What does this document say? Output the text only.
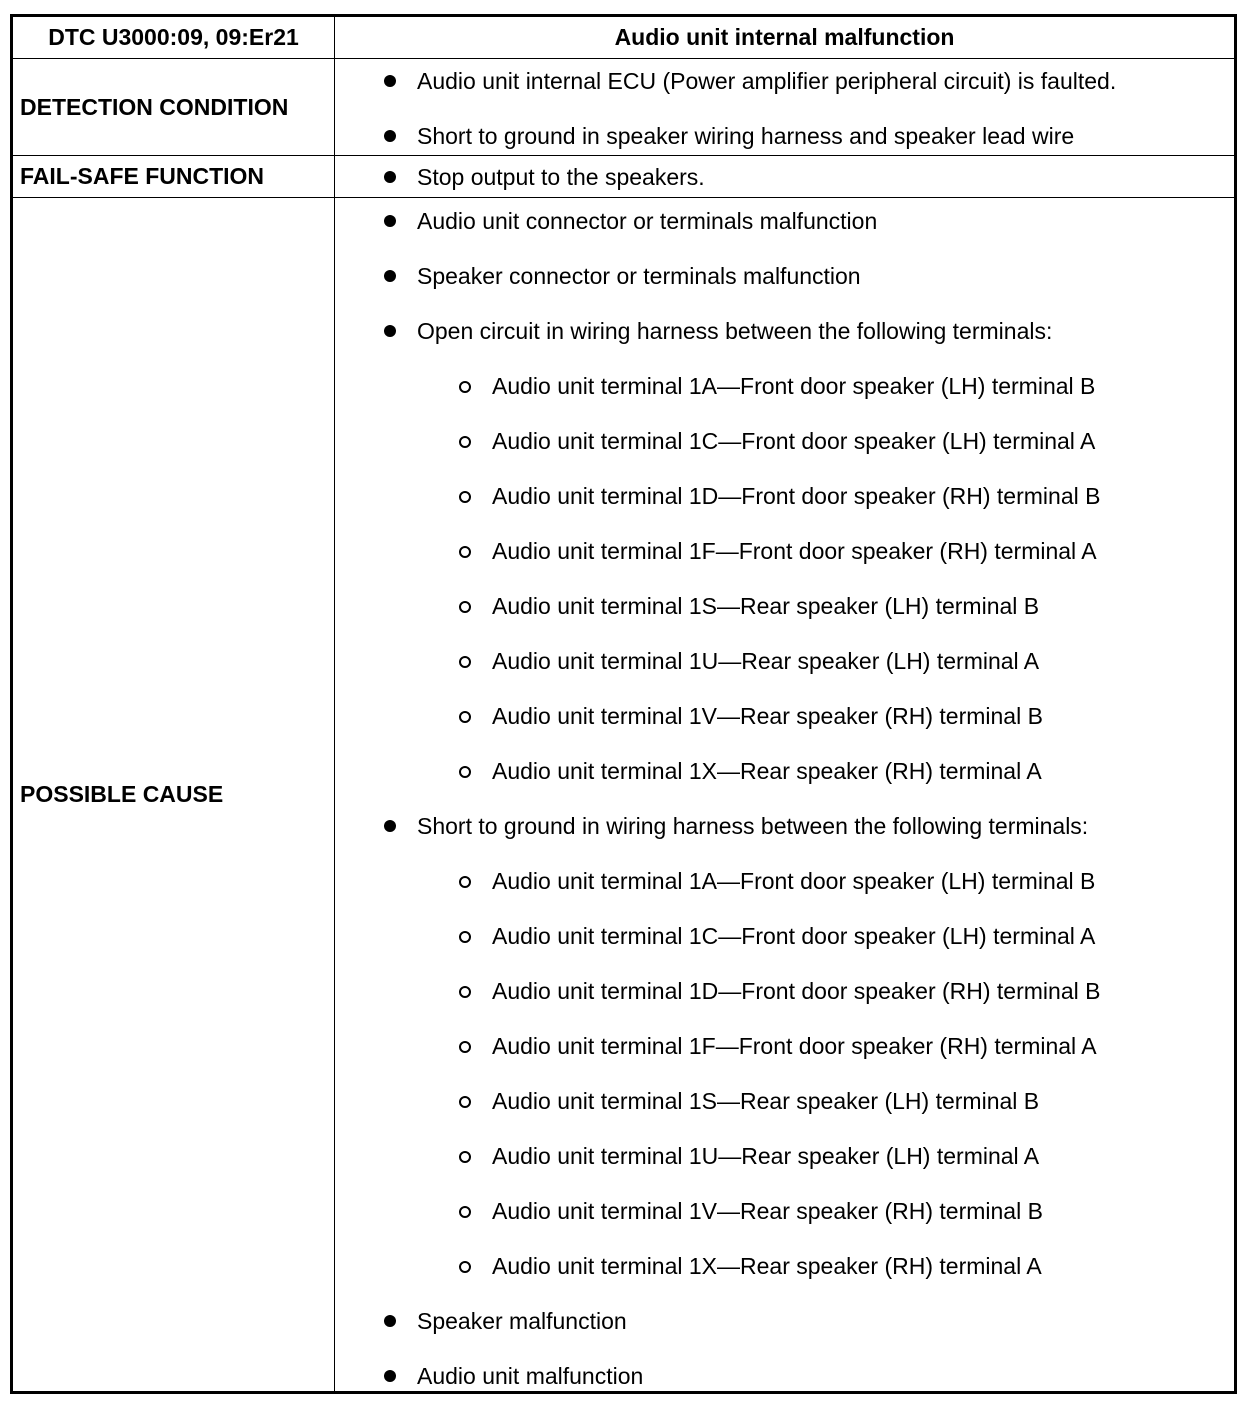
DTC U3000:09, 09:Er21	Audio unit internal malfunction
DETECTION CONDITION
Audio unit internal ECU (Power amplifier peripheral circuit) is faulted.
Short to ground in speaker wiring harness and speaker lead wire
FAIL-SAFE FUNCTION	Stop output to the speakers.
POSSIBLE CAUSE
Audio unit connector or terminals malfunction
Speaker connector or terminals malfunction
Open circuit in wiring harness between the following terminals:
Audio unit terminal 1A—Front door speaker (LH) terminal B
Audio unit terminal 1C—Front door speaker (LH) terminal A
Audio unit terminal 1D—Front door speaker (RH) terminal B
Audio unit terminal 1F—Front door speaker (RH) terminal A
Audio unit terminal 1S—Rear speaker (LH) terminal B
Audio unit terminal 1U—Rear speaker (LH) terminal A
Audio unit terminal 1V—Rear speaker (RH) terminal B
Audio unit terminal 1X—Rear speaker (RH) terminal A
Short to ground in wiring harness between the following terminals:
Audio unit terminal 1A—Front door speaker (LH) terminal B
Audio unit terminal 1C—Front door speaker (LH) terminal A
Audio unit terminal 1D—Front door speaker (RH) terminal B
Audio unit terminal 1F—Front door speaker (RH) terminal A
Audio unit terminal 1S—Rear speaker (LH) terminal B
Audio unit terminal 1U—Rear speaker (LH) terminal A
Audio unit terminal 1V—Rear speaker (RH) terminal B
Audio unit terminal 1X—Rear speaker (RH) terminal A
Speaker malfunction
Audio unit malfunction
